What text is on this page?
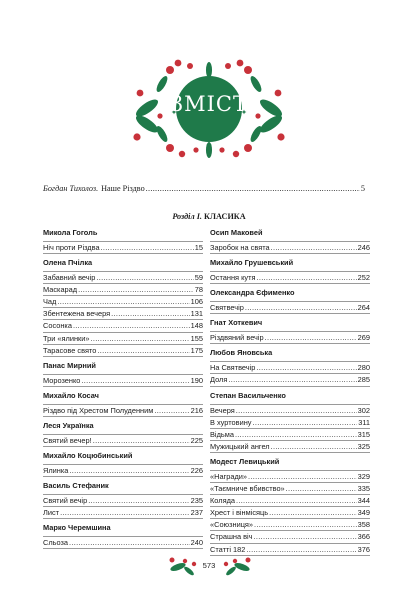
ЗМІСТ
Богдан Тихолоз. Наше Різдво .....	5
Розділ І. КЛАСИКА
Микола Гоголь
Ніч проти Різдва .....	15
Олена Пчілка
Забавний вечір .....	59
Маскарад .....	78
Чад .....	106
Збентежена вечеря .....	131
Сосонка .....	148
Три «ялинки» .....	155
Тарасове свято .....	175
Панас Мирний
Морозенко .....	190
Михайло Косач
Різдво під Хрестом Полуденним .....	216
Леся Українка
Святий вечер! .....	225
Михайло Коцюбинський
Ялинка .....	226
Василь Стефаник
Святий вечір .....	235
Лист .....	237
Марко Черемшина
Сльоза .....	240
Осип Маковей
Заробок на свята .....	246
Михайло Грушевський
Остання кутя .....	252
Олександра Єфименко
Святвечір .....	264
Гнат Хоткевич
Різдвяний вечір .....	269
Любов Яновська
На Святвечір .....	280
Доля .....	285
Степан Васильченко
Вечеря .....	302
В хуртовину .....	311
Відьма .....	315
Мужицький ангел .....	325
Модест Левицький
«Награди» .....	329
«Таємниче вбивство» .....	335
Колядa .....	344
Хрест і вінмісяць .....	349
«Союзниця» .....	358
Страшна віч .....	366
Статті 182 .....	376
573
